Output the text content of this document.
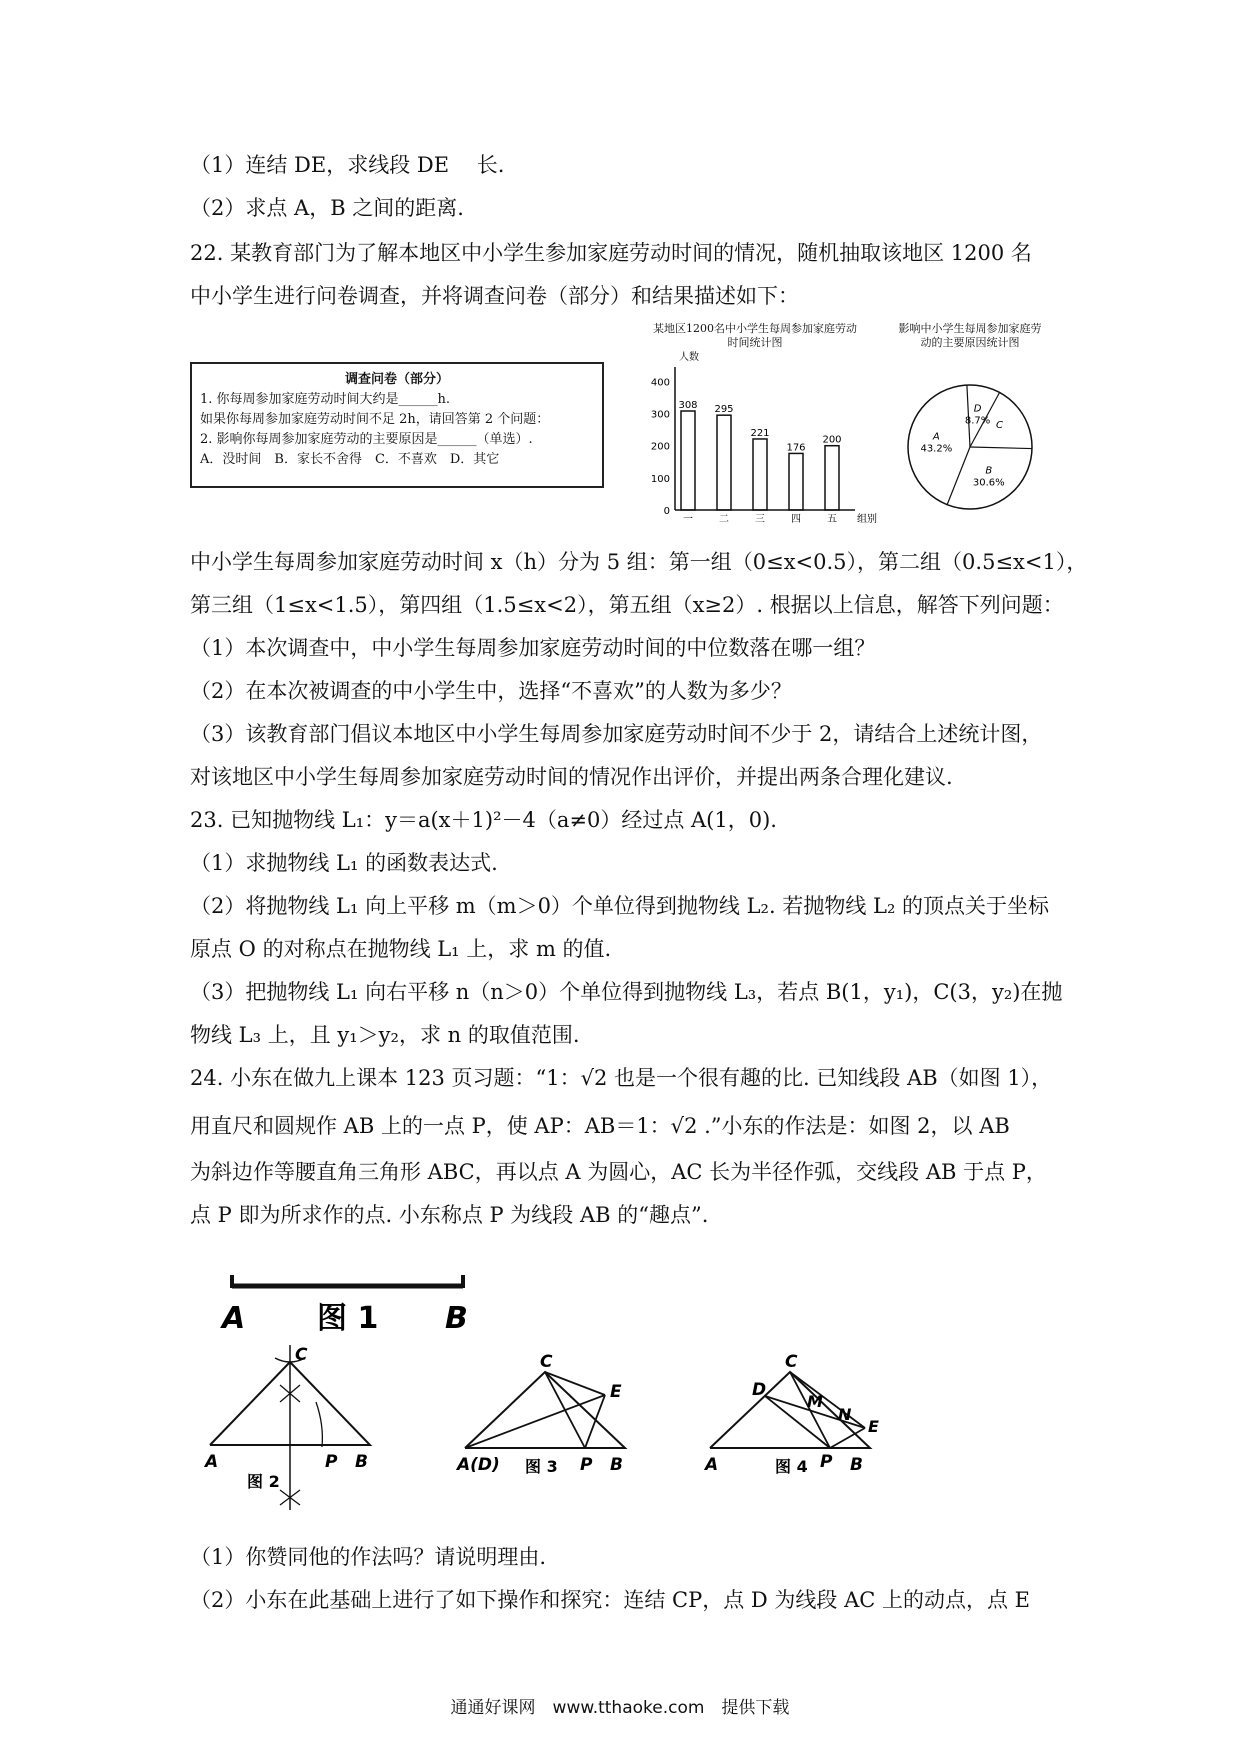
（1）连结 DE，求线段 DE 　长.
（2）求点 A，B 之间的距离.
22. 某教育部门为了解本地区中小学生参加家庭劳动时间的情况，随机抽取该地区 1200 名
中小学生进行问卷调查，并将调查问卷（部分）和结果描述如下：
调查问卷（部分）
1. 你每周参加家庭劳动时间大约是______h.
如果你每周参加家庭劳动时间不足 2h，请回答第 2 个问题：
2. 影响你每周参加家庭劳动的主要原因是______（单选）.
A．没时间　B．家长不舍得　C．不喜欢　D．其它
某地区1200名中小学生每周参加家庭劳动时间统计图
人数
组别
0
100
200
300
400
308
一
295
二
221
三
176
四
200
五
影响中小学生每周参加家庭劳动的主要原因统计图
D
8.7% C
B
30.6%
A
43.2%
中小学生每周参加家庭劳动时间 x（h）分为 5 组：第一组（0≤x<0.5），第二组（0.5≤x<1），
第三组（1≤x<1.5），第四组（1.5≤x<2），第五组（x≥2）. 根据以上信息，解答下列问题：
（1）本次调查中，中小学生每周参加家庭劳动时间的中位数落在哪一组？
（2）在本次被调查的中小学生中，选择“不喜欢”的人数为多少？
（3）该教育部门倡议本地区中小学生每周参加家庭劳动时间不少于 2，请结合上述统计图，
对该地区中小学生每周参加家庭劳动时间的情况作出评价，并提出两条合理化建议.
23. 已知抛物线 L₁：y＝a(x＋1)²－4（a≠0）经过点 A(1，0).
（1）求抛物线 L₁ 的函数表达式.
（2）将抛物线 L₁ 向上平移 m（m＞0）个单位得到抛物线 L₂. 若抛物线 L₂ 的顶点关于坐标
原点 O 的对称点在抛物线 L₁ 上，求 m 的值.
（3）把抛物线 L₁ 向右平移 n（n＞0）个单位得到抛物线 L₃，若点 B(1，y₁)，C(3，y₂)在抛
物线 L₃ 上，且 y₁＞y₂，求 n 的取值范围.
24. 小东在做九上课本 123 页习题：“1：√2 也是一个很有趣的比. 已知线段 AB（如图 1），
用直尺和圆规作 AB 上的一点 P，使 AP：AB＝1：√2 .”小东的作法是：如图 2，以 AB
为斜边作等腰直角三角形 ABC，再以点 A 为圆心，AC 长为半径作弧，交线段 AB 于点 P，
点 P 即为所求作的点. 小东称点 P 为线段 AB 的“趣点”.
A 图 1 B
C
A	P B
图 2
C
E
A(D)	P B
图 3
C
D
M
N
E
A	P B
图 4
（1）你赞同他的作法吗？请说明理由.
（2）小东在此基础上进行了如下操作和探究：连结 CP，点 D 为线段 AC 上的动点，点 E
通通好课网　www.tthaoke.com　提供下载
